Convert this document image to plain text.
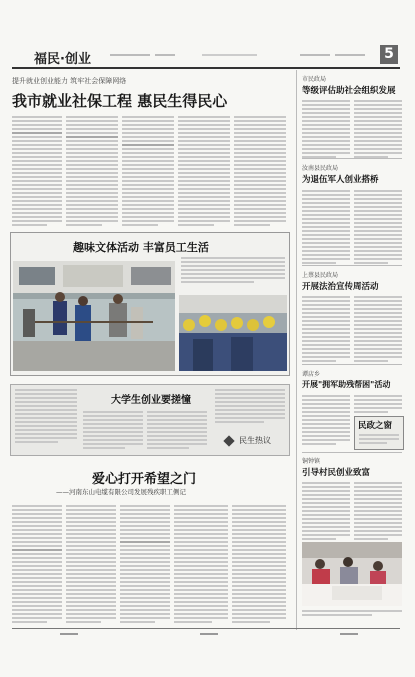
福民·创业	5
提升就业创业能力 筑牢社会保障网络
我市就业社保工程 惠民生得民心
趣味文体活动 丰富员工生活
大学生创业要搓憧
民生热议
爱心打开希望之门
——河南东山电缆有限公司发展残疾职工侧记
市民政局
等级评估助社会组织发展
汝南县民政局
为退伍军人创业搭桥
上蔡县民政局
开展法治宣传周活动
谭店乡
开展"拥军助残帮困"活动
民政之窗
铜钟镇
引导村民创业致富
